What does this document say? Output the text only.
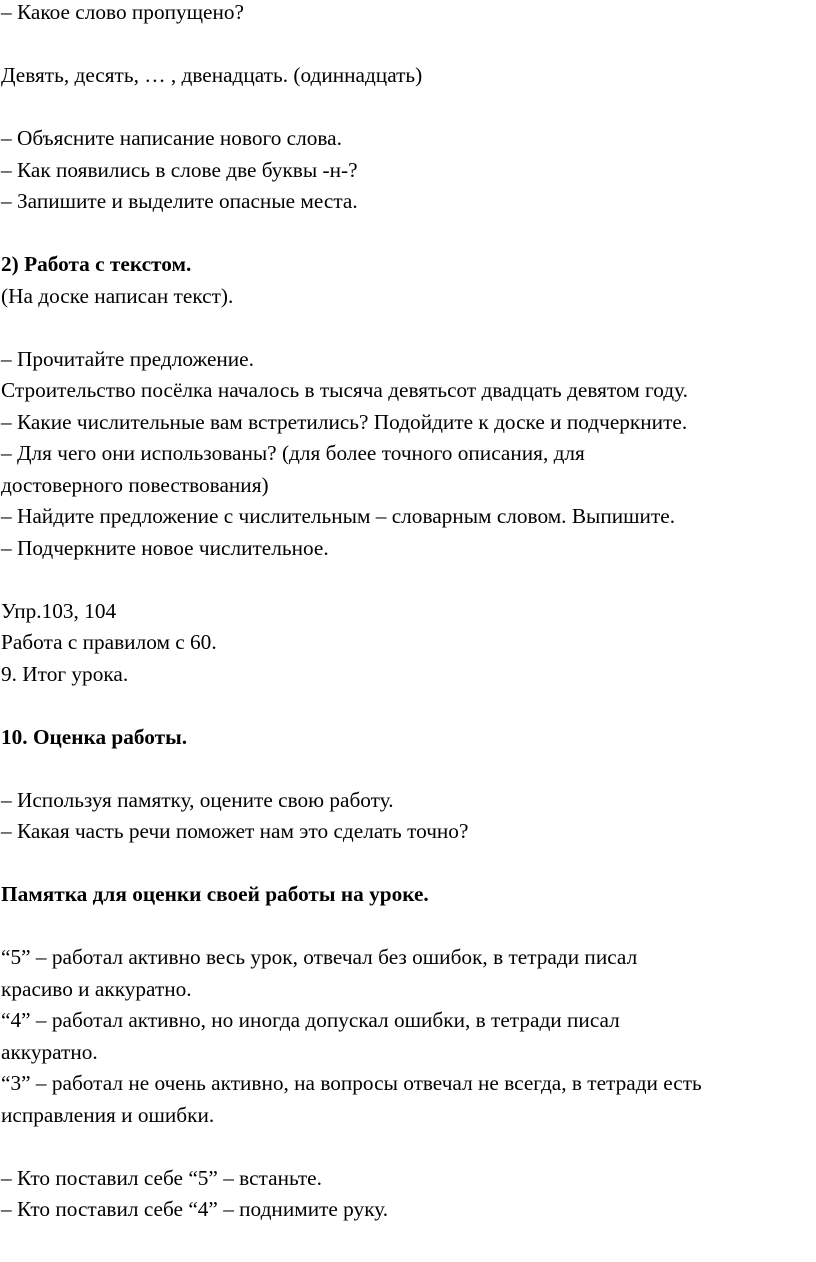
– Какое слово пропущено?
Девять, десять, … , двенадцать. (одиннадцать)
– Объясните написание нового слова.
– Как появились в слове две буквы -н-?
– Запишите и выделите опасные места.
2) Работа с текстом.
(На доске написан текст).
– Прочитайте предложение.
Строительство посёлка началось в тысяча девятьсот двадцать девятом году.
– Какие числительные вам встретились? Подойдите к доске и подчеркните.
– Для чего они использованы? (для более точного описания, для
достоверного повествования)
– Найдите предложение с числительным – словарным словом. Выпишите.
– Подчеркните новое числительное.
Упр.103, 104
Работа с правилом с 60.
9. Итог урока.
10. Оценка работы.
– Используя памятку, оцените свою работу.
– Какая часть речи поможет нам это сделать точно?
Памятка для оценки своей работы на уроке.
“5” – работал активно весь урок, отвечал без ошибок, в тетради писал
красиво и аккуратно.
“4” – работал активно, но иногда допускал ошибки, в тетради писал
аккуратно.
“3” – работал не очень активно, на вопросы отвечал не всегда, в тетради есть
исправления и ошибки.
– Кто поставил себе “5” – встаньте.
– Кто поставил себе “4” – поднимите руку.
